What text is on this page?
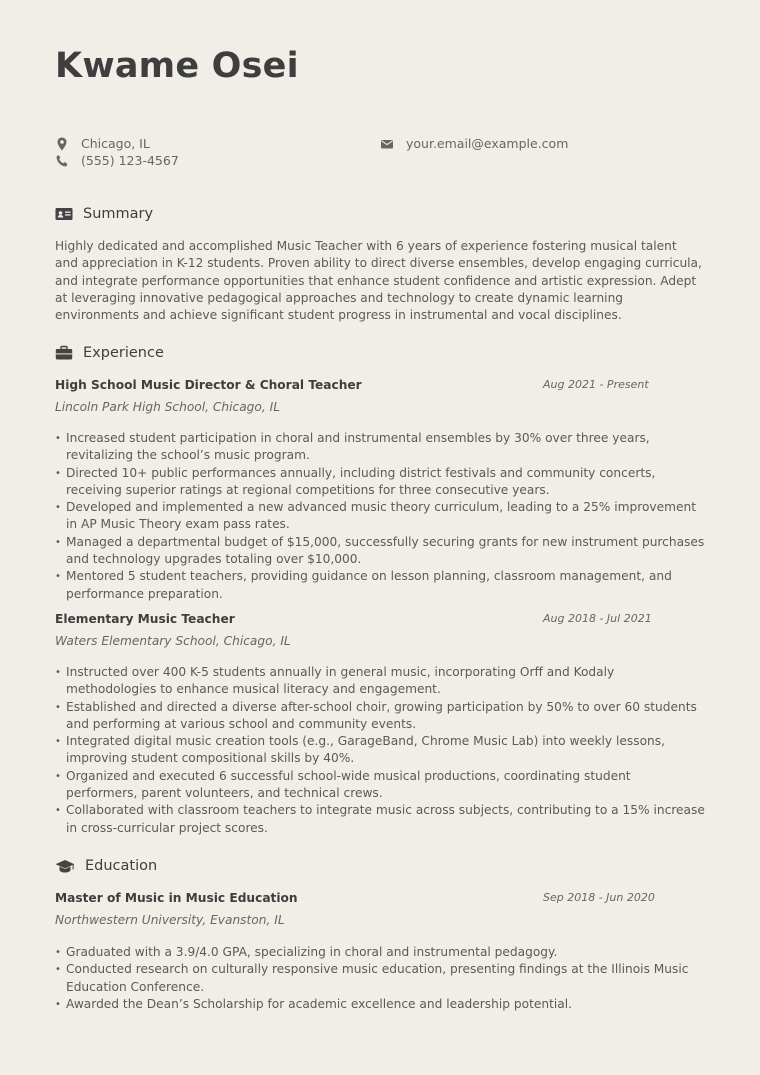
Kwame Osei
Chicago, IL
(555) 123-4567
your.email@example.com
Summary

Highly dedicated and accomplished Music Teacher with 6 years of experience fostering musical talent and appreciation in K-12 students. Proven ability to direct diverse ensembles, develop engaging curricula, and integrate performance opportunities that enhance student confidence and artistic expression. Adept at leveraging innovative pedagogical approaches and technology to create dynamic learning environments and achieve significant student progress in instrumental and vocal disciplines.

Experience
High School Music Director & Choral Teacher	Aug 2021 - Present
Lincoln Park High School, Chicago, IL
• Increased student participation in choral and instrumental ensembles by 30% over three years, revitalizing the school’s music program.
• Directed 10+ public performances annually, including district festivals and community concerts, receiving superior ratings at regional competitions for three consecutive years.
• Developed and implemented a new advanced music theory curriculum, leading to a 25% improvement in AP Music Theory exam pass rates.
• Managed a departmental budget of $15,000, successfully securing grants for new instrument purchases and technology upgrades totaling over $10,000.
• Mentored 5 student teachers, providing guidance on lesson planning, classroom management, and performance preparation.
Elementary Music Teacher	Aug 2018 - Jul 2021
Waters Elementary School, Chicago, IL
• Instructed over 400 K-5 students annually in general music, incorporating Orff and Kodaly methodologies to enhance musical literacy and engagement.
• Established and directed a diverse after-school choir, growing participation by 50% to over 60 students and performing at various school and community events.
• Integrated digital music creation tools (e.g., GarageBand, Chrome Music Lab) into weekly lessons, improving student compositional skills by 40%.
• Organized and executed 6 successful school-wide musical productions, coordinating student performers, parent volunteers, and technical crews.
• Collaborated with classroom teachers to integrate music across subjects, contributing to a 15% increase in cross-curricular project scores.
Education
Master of Music in Music Education	Sep 2018 - Jun 2020
Northwestern University, Evanston, IL
• Graduated with a 3.9/4.0 GPA, specializing in choral and instrumental pedagogy.
• Conducted research on culturally responsive music education, presenting findings at the Illinois Music Education Conference.
• Awarded the Dean’s Scholarship for academic excellence and leadership potential.
